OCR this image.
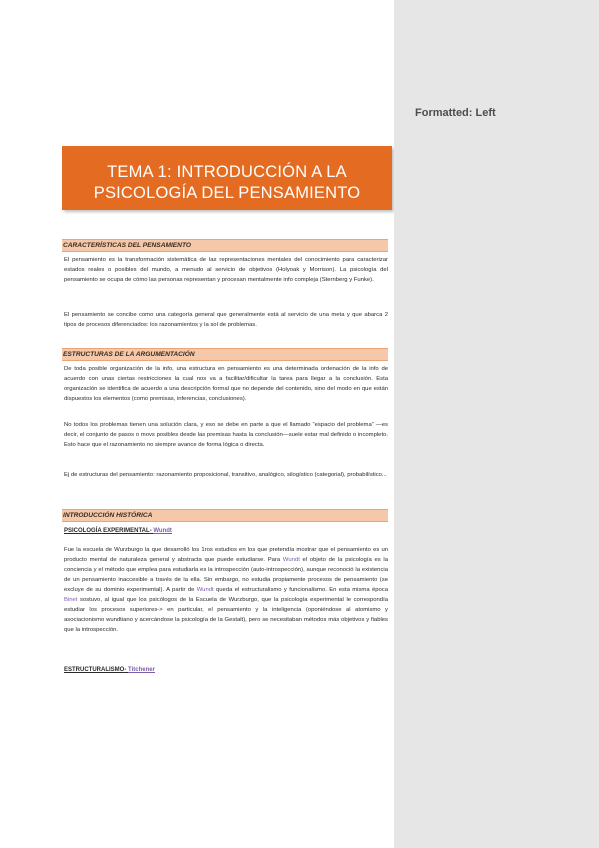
TEMA 1: INTRODUCCIÓN A LA
PSICOLOGÍA DEL PENSAMIENTO
CARACTERÍSTICAS DEL PENSAMIENTO

El pensamiento es la transformación sistemática de las representaciones mentales del conocimiento para caracterizar estados reales o posibles del mundo, a menudo al servicio de objetivos (Holyoak y Morrison). La psicología del pensamiento se ocupa de cómo las personas representan y procesan mentalmente info compleja (Sternberg y Funke).

El pensamiento se concibe como una categoría general que generalmente está al servicio de una meta y que abarca 2 tipos de procesos diferenciados: los razonamientos y la sol de problemas.

ESTRUCTURAS DE LA ARGUMENTACIÓN

De toda posible organización de la info, una estructura en pensamiento es una determinada ordenación de la info de acuerdo con unas ciertas restricciones la cual nos va a facilitar/dificultar la tarea para llegar a la conclusión. Esta organización se identifica de acuerdo a una descripción formal que no depende del contenido, sino del modo en que están dispuestos los elementos (como premisas, inferencias, conclusiones).

No todos los problemas tienen una solución clara, y eso se debe en parte a que el llamado “espacio del problema” —es decir, el conjunto de pasos o movs posibles desde las premisas hasta la conclusión—suele estar mal definido o incompleto. Esto hace que el razonamiento no siempre avance de forma lógica o directa.

Ej de estructuras del pensamiento: razonamiento proposicional, transitivo, analógico, silogístico (categorial), probabilístico...

INTRODUCCIÓN HISTÓRICA
PSICOLOGÍA EXPERIMENTAL- Wundt

Fue la escuela de Wurzburgo la que desarrolló los 1ros estudios en los que pretendía mostrar que el pensamiento es un producto mental de naturaleza general y abstracta que puede estudiarse. Para Wundt el objeto de la psicología es la conciencia y el método que emplea para estudiarla es la introspección (auto-introspección), aunque reconoció la existencia de un pensamiento inaccesible a través de la ella. Sin embargo, no estudia propiamente procesos de pensamiento (se excluye de su dominio experimental). A partir de Wundt queda el estructuralismo y funcionalismo. En esta misma época Binet sostuvo, al igual que los psicólogos de la Escuela de Wurzburgo, que la psicología experimental le correspondía estudiar los procesos superiores-> en particular, el pensamiento y la inteligencia (oponiéndose al atomismo y asociacionismo wundtiano y acercándose la psicología de la Gestalt), pero se necesitaban métodos más objetivos y fiables que la introspección.

ESTRUCTURALISMO- Titchener
Formatted: Left
